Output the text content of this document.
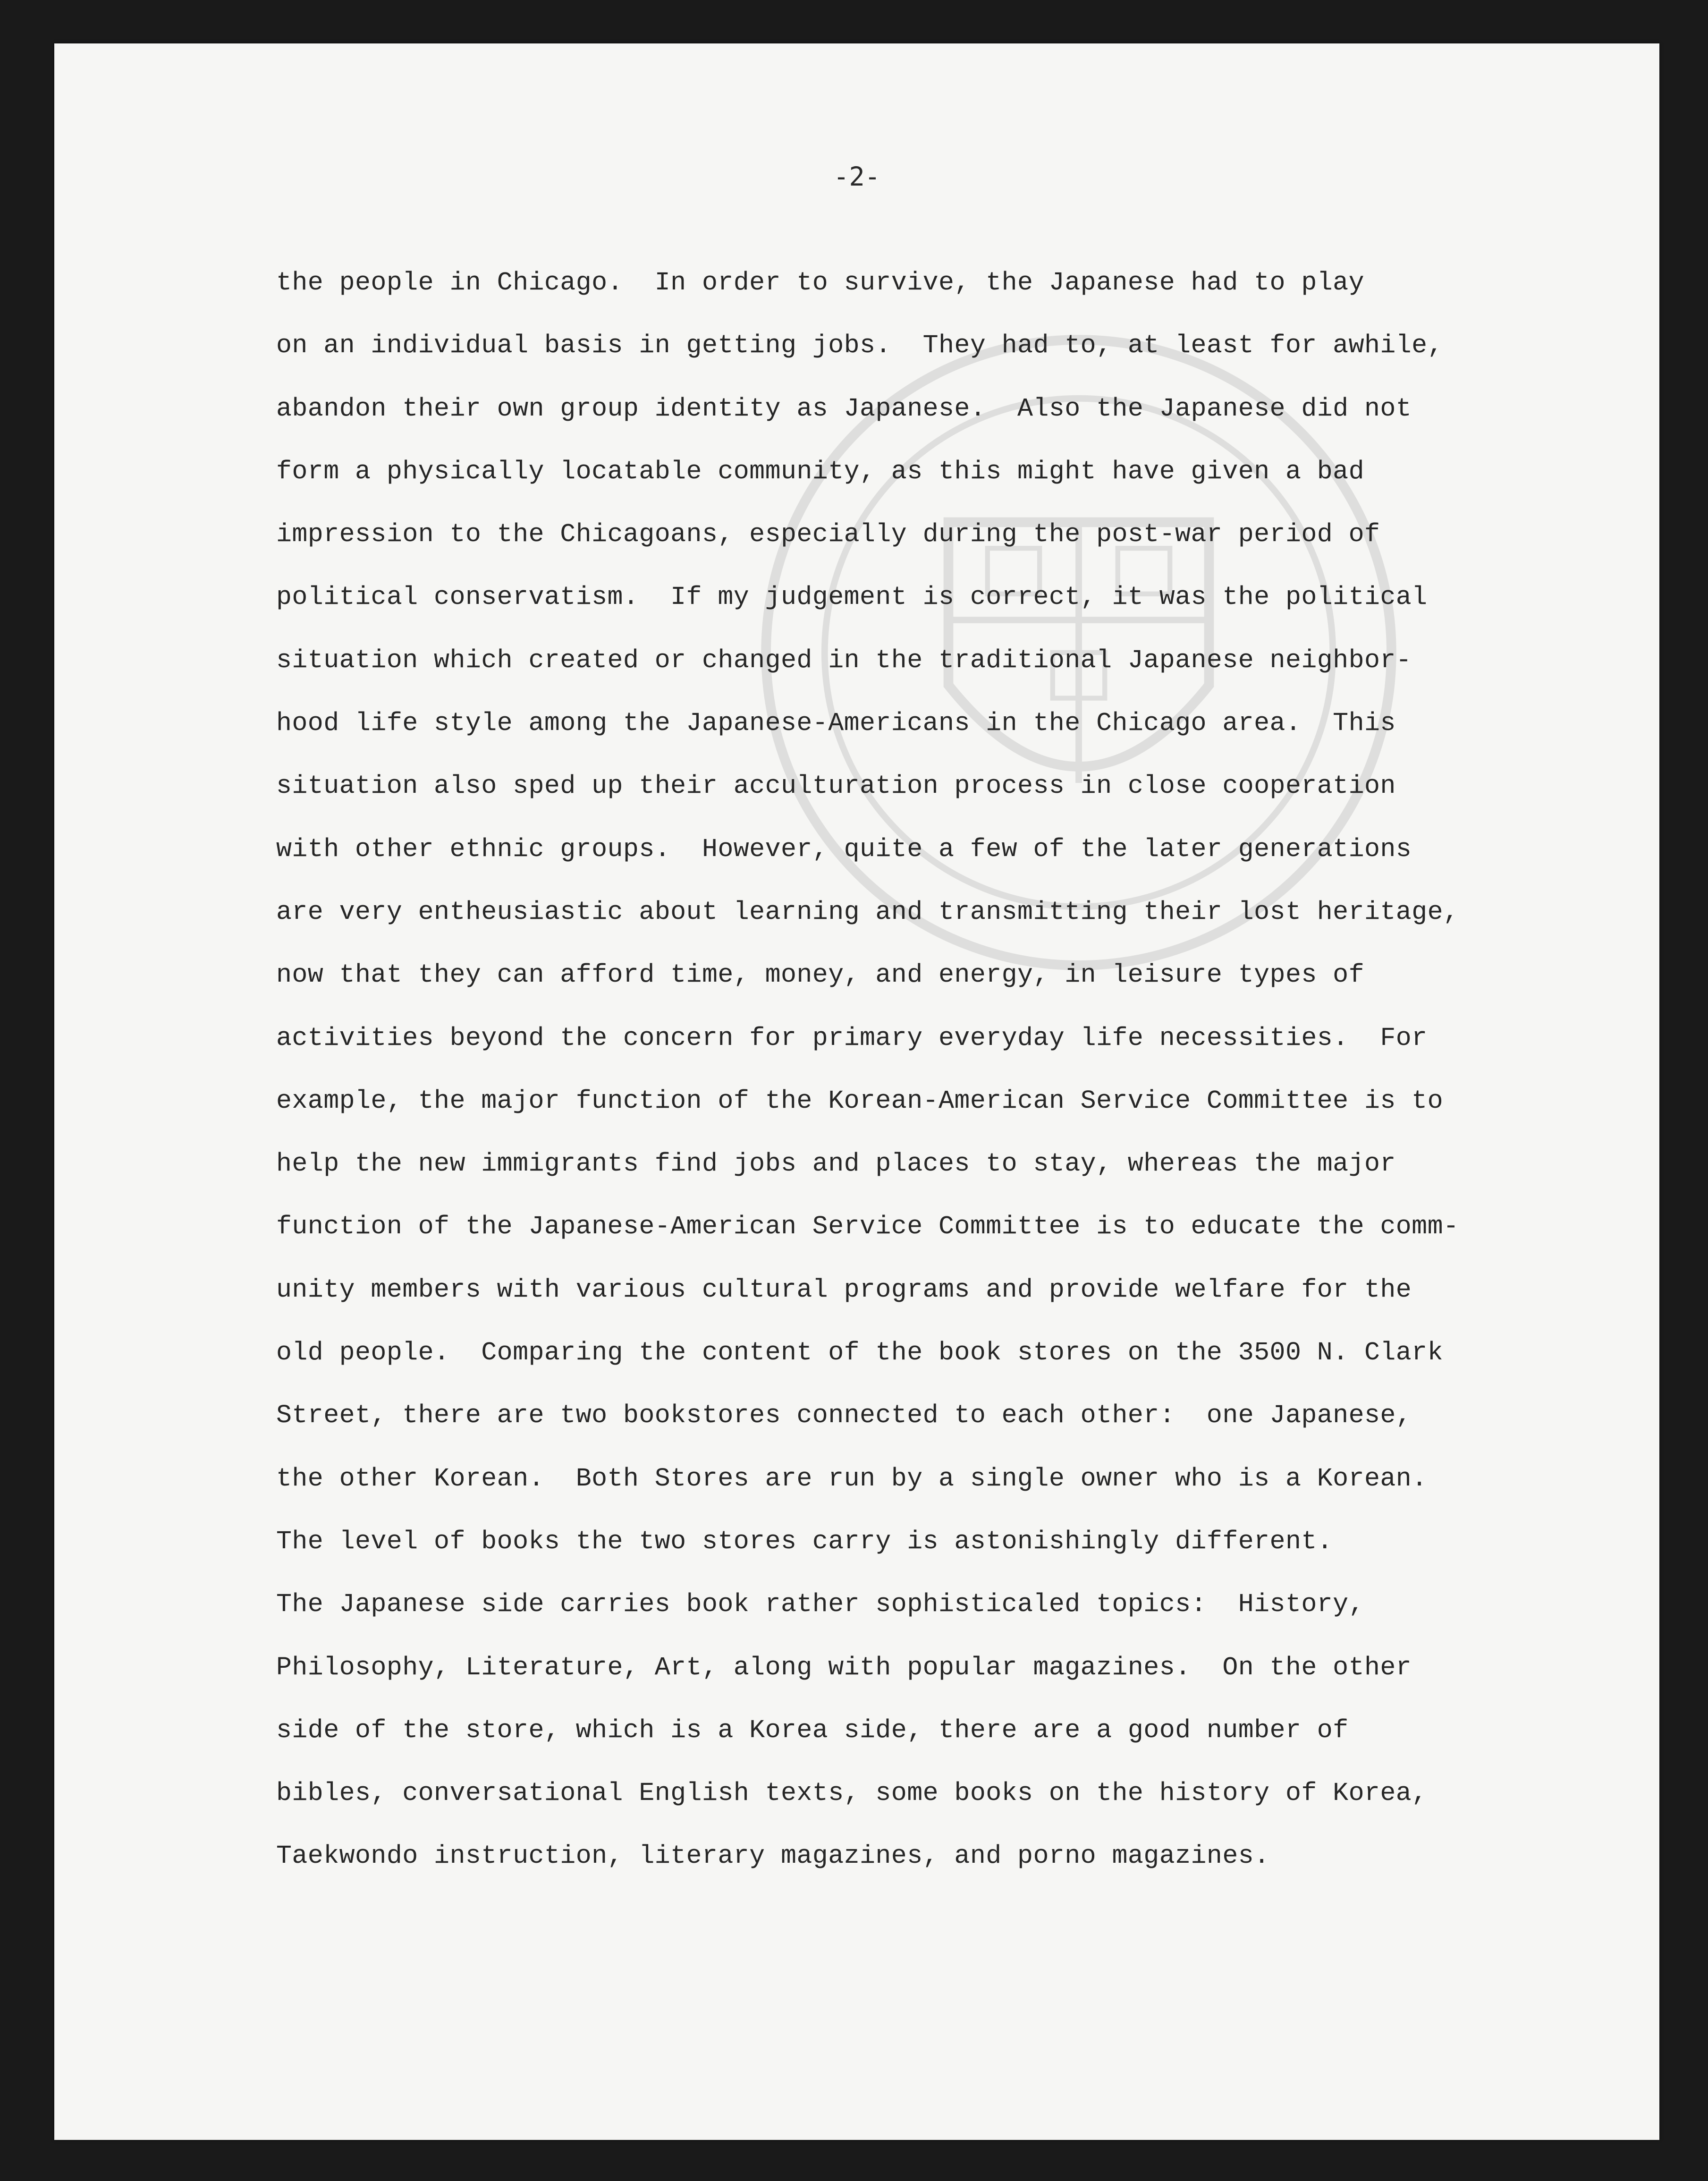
-2-

the people in Chicago.  In order to survive, the Japanese had to play
on an individual basis in getting jobs.  They had to, at least for awhile,
abandon their own group identity as Japanese.  Also the Japanese did not
form a physically locatable community, as this might have given a bad
impression to the Chicagoans, especially during the post-war period of
political conservatism.  If my judgement is correct, it was the political
situation which created or changed in the traditional Japanese neighbor-
hood life style among the Japanese-Americans in the Chicago area.  This
situation also sped up their acculturation process in close cooperation
with other ethnic groups.  However, quite a few of the later generations
are very entheusiastic about learning and transmitting their lost heritage,
now that they can afford time, money, and energy, in leisure types of
activities beyond the concern for primary everyday life necessities.  For
example, the major function of the Korean-American Service Committee is to
help the new immigrants find jobs and places to stay, whereas the major
function of the Japanese-American Service Committee is to educate the comm-
unity members with various cultural programs and provide welfare for the
old people.  Comparing the content of the book stores on the 3500 N. Clark
Street, there are two bookstores connected to each other:  one Japanese,
the other Korean.  Both Stores are run by a single owner who is a Korean.
The level of books the two stores carry is astonishingly different.
The Japanese side carries book rather sophisticaled topics:  History,
Philosophy, Literature, Art, along with popular magazines.  On the other
side of the store, which is a Korea side, there are a good number of
bibles, conversational English texts, some books on the history of Korea,
Taekwondo instruction, literary magazines, and porno magazines.
